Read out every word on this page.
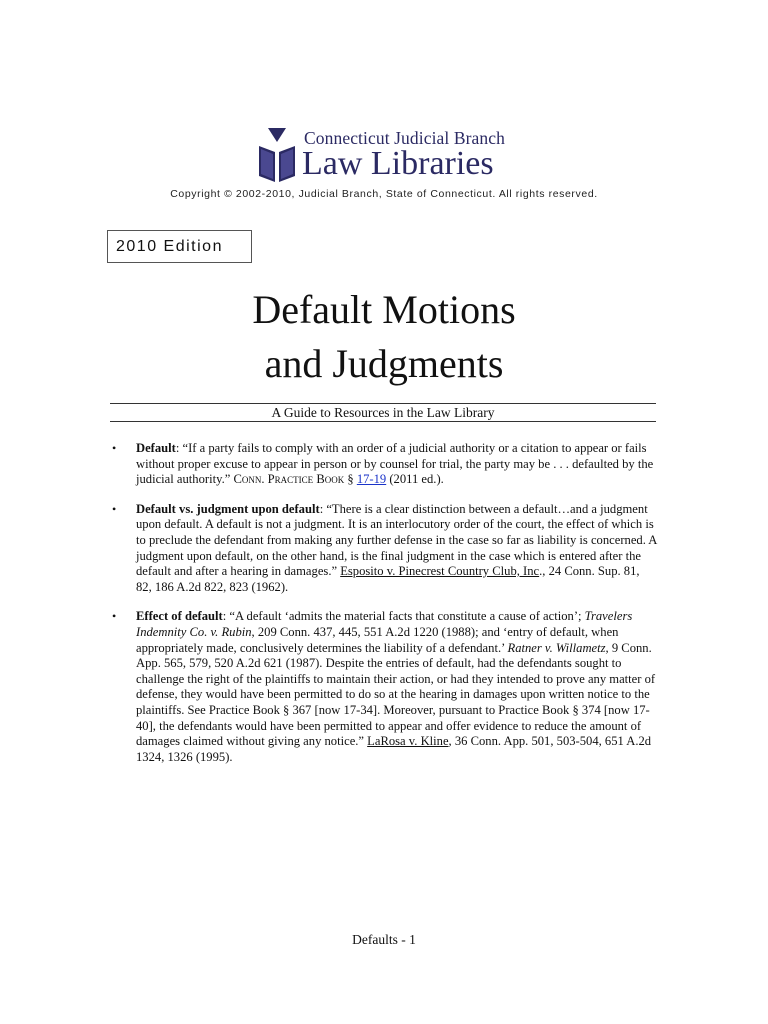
Connecticut Judicial Branch
Law Libraries
Copyright © 2002-2010, Judicial Branch, State of Connecticut. All rights reserved.
2010 Edition
Default Motions
and Judgments
A Guide to Resources in the Law Library
• Default: “If a party fails to comply with an order of a judicial authority or a citation to appear or fails without proper excuse to appear in person or by counsel for trial, the party may be . . . defaulted by the judicial authority.” Conn. Practice Book § 17-19 (2011 ed.).
• Default vs. judgment upon default: “There is a clear distinction between a default…and a judgment upon default. A default is not a judgment. It is an interlocutory order of the court, the effect of which is to preclude the defendant from making any further defense in the case so far as liability is concerned. A judgment upon default, on the other hand, is the final judgment in the case which is entered after the default and after a hearing in damages.” Esposito v. Pinecrest Country Club, Inc., 24 Conn. Sup. 81, 82, 186 A.2d 822, 823 (1962).
• Effect of default: “A default ‘admits the material facts that constitute a cause of action’; Travelers Indemnity Co. v. Rubin, 209 Conn. 437, 445, 551 A.2d 1220 (1988); and ‘entry of default, when appropriately made, conclusively determines the liability of a defendant.’ Ratner v. Willametz, 9 Conn. App. 565, 579, 520 A.2d 621 (1987). Despite the entries of default, had the defendants sought to challenge the right of the plaintiffs to maintain their action, or had they intended to prove any matter of defense, they would have been permitted to do so at the hearing in damages upon written notice to the plaintiffs. See Practice Book § 367 [now 17-34]. Moreover, pursuant to Practice Book § 374 [now 17-40], the defendants would have been permitted to appear and offer evidence to reduce the amount of damages claimed without giving any notice.” LaRosa v. Kline, 36 Conn. App. 501, 503-504, 651 A.2d 1324, 1326 (1995).
Defaults - 1
